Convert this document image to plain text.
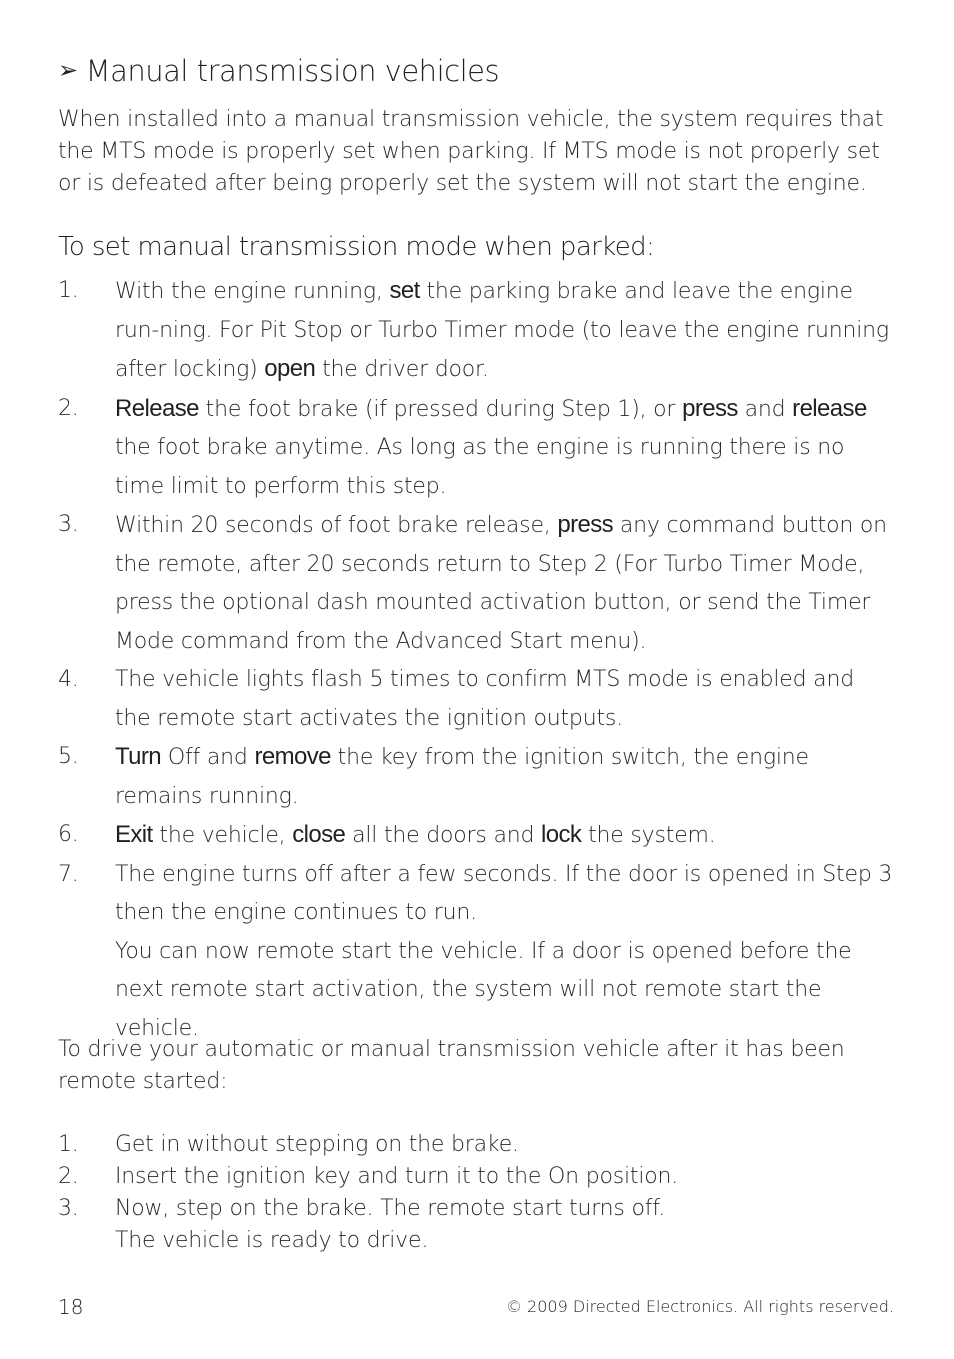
➢ Manual transmission vehicles
When installed into a manual transmission vehicle, the system requires that the MTS mode is properly set when parking. If MTS mode is not properly set or is defeated after being properly set the system will not start the engine.
To set manual transmission mode when parked:
1. With the engine running, set the parking brake and leave the engine run-ning. For Pit Stop or Turbo Timer mode (to leave the engine running after locking) open the driver door.
2. Release the foot brake (if pressed during Step 1), or press and release the foot brake anytime. As long as the engine is running there is no time limit to perform this step.
3. Within 20 seconds of foot brake release, press any command button on the remote, after 20 seconds return to Step 2 (For Turbo Timer Mode, press the optional dash mounted activation button, or send the Timer Mode command from the Advanced Start menu).
4. The vehicle lights flash 5 times to confirm MTS mode is enabled and the remote start activates the ignition outputs.
5. Turn Off and remove the key from the ignition switch, the engine remains running.
6. Exit the vehicle, close all the doors and lock the system.
7. The engine turns off after a few seconds. If the door is opened in Step 3 then the engine continues to run.
You can now remote start the vehicle. If a door is opened before the next remote start activation, the system will not remote start the vehicle.
To drive your automatic or manual transmission vehicle after it has been remote started:
1. Get in without stepping on the brake.
2. Insert the ignition key and turn it to the On position.
3. Now, step on the brake. The remote start turns off.
The vehicle is ready to drive.
18	© 2009 Directed Electronics. All rights reserved.
